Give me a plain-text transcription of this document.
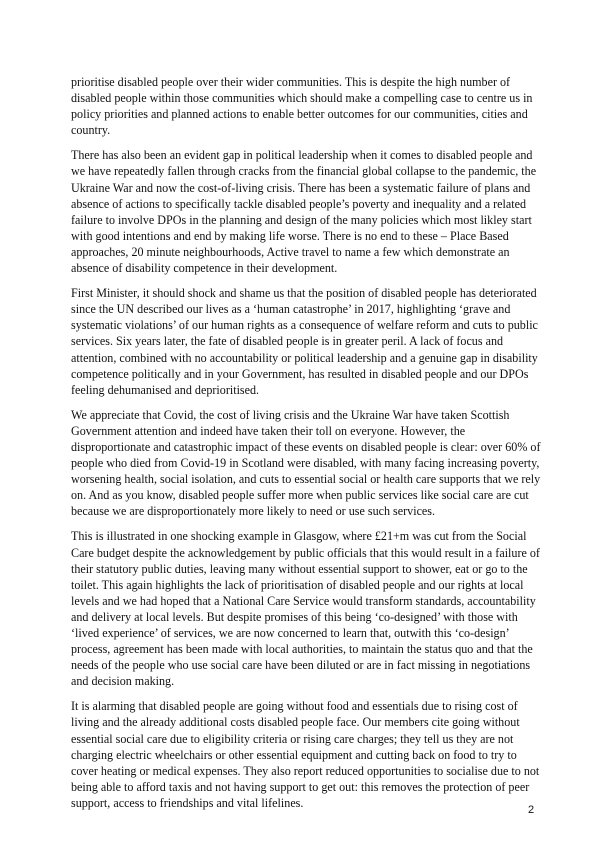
prioritise disabled people over their wider communities. This is despite the high number of disabled people within those communities which should make a compelling case to centre us in policy priorities and planned actions to enable better outcomes for our communities, cities and country.

There has also been an evident gap in political leadership when it comes to disabled people and we have repeatedly fallen through cracks from the financial global collapse to the pandemic, the Ukraine War and now the cost-of-living crisis. There has been a systematic failure of plans and absence of actions to specifically tackle disabled people’s poverty and inequality and a related failure to involve DPOs in the planning and design of the many policies which most likley start with good intentions and end by making life worse. There is no end to these – Place Based approaches, 20 minute neighbourhoods, Active travel to name a few which demonstrate an absence of disability competence in their development.

First Minister, it should shock and shame us that the position of disabled people has deteriorated since the UN described our lives as a ‘human catastrophe’ in 2017, highlighting ‘grave and systematic violations’ of our human rights as a consequence of welfare reform and cuts to public services. Six years later, the fate of disabled people is in greater peril. A lack of focus and attention, combined with no accountability or political leadership and a genuine gap in disability competence politically and in your Government, has resulted in disabled people and our DPOs feeling dehumanised and deprioritised.

We appreciate that Covid, the cost of living crisis and the Ukraine War have taken Scottish Government attention and indeed have taken their toll on everyone. However, the disproportionate and catastrophic impact of these events on disabled people is clear: over 60% of people who died from Covid-19 in Scotland were disabled, with many facing increasing poverty, worsening health, social isolation, and cuts to essential social or health care supports that we rely on. And as you know, disabled people suffer more when public services like social care are cut because we are disproportionately more likely to need or use such services.

This is illustrated in one shocking example in Glasgow, where £21+m was cut from the Social Care budget despite the acknowledgement by public officials that this would result in a failure of their statutory public duties, leaving many without essential support to shower, eat or go to the toilet. This again highlights the lack of prioritisation of disabled people and our rights at local levels and we had hoped that a National Care Service would transform standards, accountability and delivery at local levels. But despite promises of this being ‘co-designed’ with those with ‘lived experience’ of services, we are now concerned to learn that, outwith this ‘co-design’ process, agreement has been made with local authorities, to maintain the status quo and that the needs of the people who use social care have been diluted or are in fact missing in negotiations and decision making.

It is alarming that disabled people are going without food and essentials due to rising cost of living and the already additional costs disabled people face. Our members cite going without essential social care due to eligibility criteria or rising care charges; they tell us they are not charging electric wheelchairs or other essential equipment and cutting back on food to try to cover heating or medical expenses. They also report reduced opportunities to socialise due to not being able to afford taxis and not having support to get out: this removes the protection of peer support, access to friendships and vital lifelines.

2
